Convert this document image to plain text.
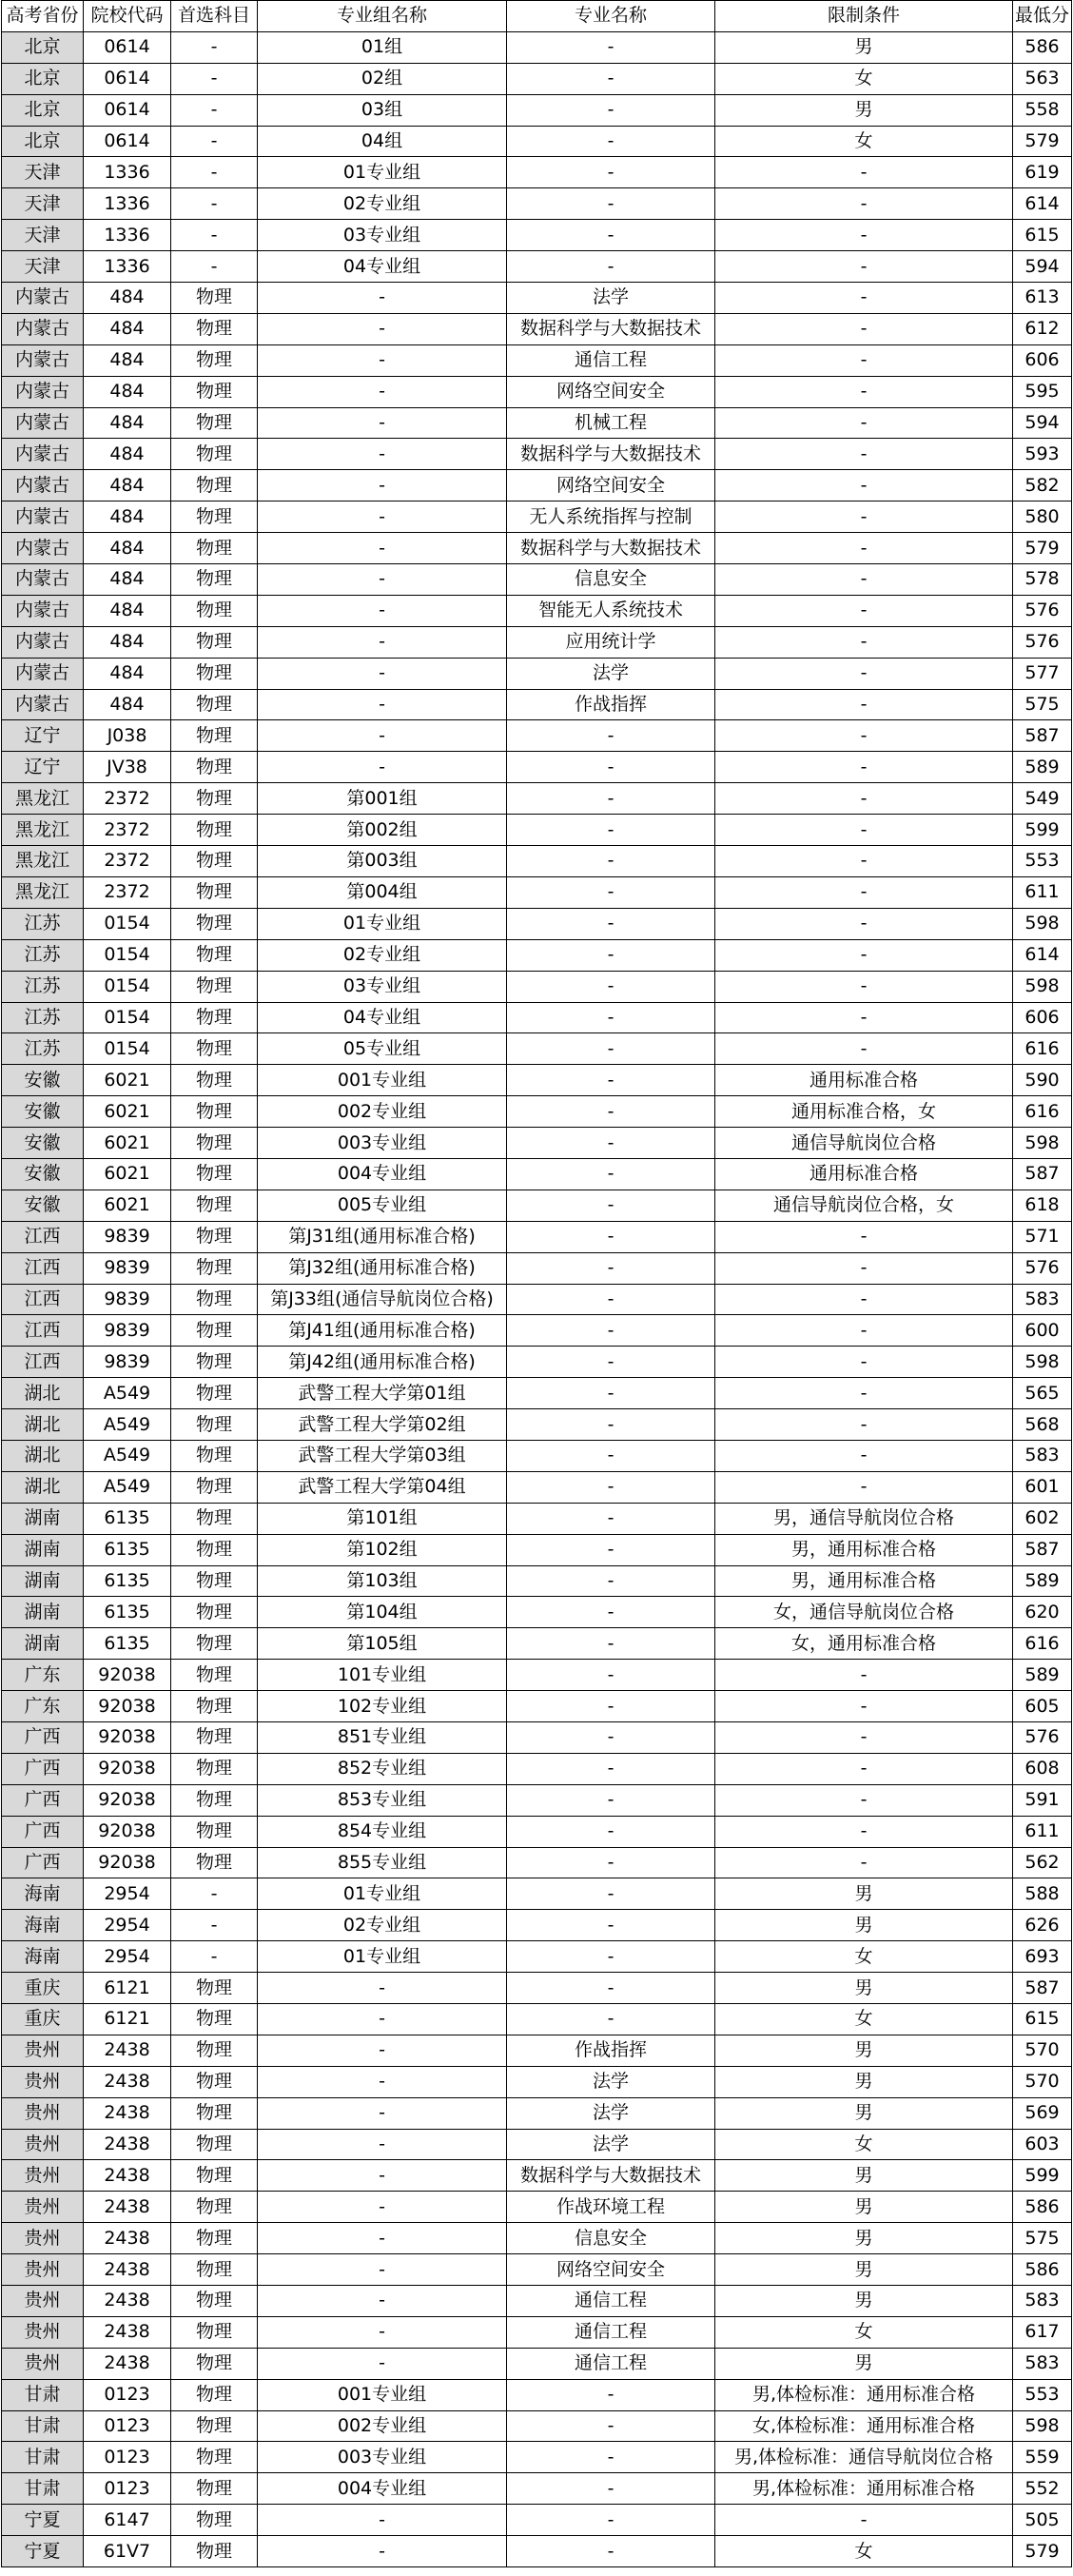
高考省份	院校代码	首选科目	专业组名称	专业名称	限制条件	最低分
北京	0614	-	01组	-	男	586
北京	0614	-	02组	-	女	563
北京	0614	-	03组	-	男	558
北京	0614	-	04组	-	女	579
天津	1336	-	01专业组	-	-	619
天津	1336	-	02专业组	-	-	614
天津	1336	-	03专业组	-	-	615
天津	1336	-	04专业组	-	-	594
内蒙古	484	物理	-	法学	-	613
内蒙古	484	物理	-	数据科学与大数据技术	-	612
内蒙古	484	物理	-	通信工程	-	606
内蒙古	484	物理	-	网络空间安全	-	595
内蒙古	484	物理	-	机械工程	-	594
内蒙古	484	物理	-	数据科学与大数据技术	-	593
内蒙古	484	物理	-	网络空间安全	-	582
内蒙古	484	物理	-	无人系统指挥与控制	-	580
内蒙古	484	物理	-	数据科学与大数据技术	-	579
内蒙古	484	物理	-	信息安全	-	578
内蒙古	484	物理	-	智能无人系统技术	-	576
内蒙古	484	物理	-	应用统计学	-	576
内蒙古	484	物理	-	法学	-	577
内蒙古	484	物理	-	作战指挥	-	575
辽宁	J038	物理	-	-	-	587
辽宁	JV38	物理	-	-	-	589
黑龙江	2372	物理	第001组	-	-	549
黑龙江	2372	物理	第002组	-	-	599
黑龙江	2372	物理	第003组	-	-	553
黑龙江	2372	物理	第004组	-	-	611
江苏	0154	物理	01专业组	-	-	598
江苏	0154	物理	02专业组	-	-	614
江苏	0154	物理	03专业组	-	-	598
江苏	0154	物理	04专业组	-	-	606
江苏	0154	物理	05专业组	-	-	616
安徽	6021	物理	001专业组	-	通用标准合格	590
安徽	6021	物理	002专业组	-	通用标准合格，女	616
安徽	6021	物理	003专业组	-	通信导航岗位合格	598
安徽	6021	物理	004专业组	-	通用标准合格	587
安徽	6021	物理	005专业组	-	通信导航岗位合格，女	618
江西	9839	物理	第J31组(通用标准合格)	-	-	571
江西	9839	物理	第J32组(通用标准合格)	-	-	576
江西	9839	物理	第J33组(通信导航岗位合格)	-	-	583
江西	9839	物理	第J41组(通用标准合格)	-	-	600
江西	9839	物理	第J42组(通用标准合格)	-	-	598
湖北	A549	物理	武警工程大学第01组	-	-	565
湖北	A549	物理	武警工程大学第02组	-	-	568
湖北	A549	物理	武警工程大学第03组	-	-	583
湖北	A549	物理	武警工程大学第04组	-	-	601
湖南	6135	物理	第101组	-	男，通信导航岗位合格	602
湖南	6135	物理	第102组	-	男，通用标准合格	587
湖南	6135	物理	第103组	-	男，通用标准合格	589
湖南	6135	物理	第104组	-	女，通信导航岗位合格	620
湖南	6135	物理	第105组	-	女，通用标准合格	616
广东	92038	物理	101专业组	-	-	589
广东	92038	物理	102专业组	-	-	605
广西	92038	物理	851专业组	-	-	576
广西	92038	物理	852专业组	-	-	608
广西	92038	物理	853专业组	-	-	591
广西	92038	物理	854专业组	-	-	611
广西	92038	物理	855专业组	-	-	562
海南	2954	-	01专业组	-	男	588
海南	2954	-	02专业组	-	男	626
海南	2954	-	01专业组	-	女	693
重庆	6121	物理	-	-	男	587
重庆	6121	物理	-	-	女	615
贵州	2438	物理	-	作战指挥	男	570
贵州	2438	物理	-	法学	男	570
贵州	2438	物理	-	法学	男	569
贵州	2438	物理	-	法学	女	603
贵州	2438	物理	-	数据科学与大数据技术	男	599
贵州	2438	物理	-	作战环境工程	男	586
贵州	2438	物理	-	信息安全	男	575
贵州	2438	物理	-	网络空间安全	男	586
贵州	2438	物理	-	通信工程	男	583
贵州	2438	物理	-	通信工程	女	617
贵州	2438	物理	-	通信工程	男	583
甘肃	0123	物理	001专业组	-	男,体检标准：通用标准合格	553
甘肃	0123	物理	002专业组	-	女,体检标准：通用标准合格	598
甘肃	0123	物理	003专业组	-	男,体检标准：通信导航岗位合格	559
甘肃	0123	物理	004专业组	-	男,体检标准：通用标准合格	552
宁夏	6147	物理	-	-	-	505
宁夏	61V7	物理	-	-	女	579
